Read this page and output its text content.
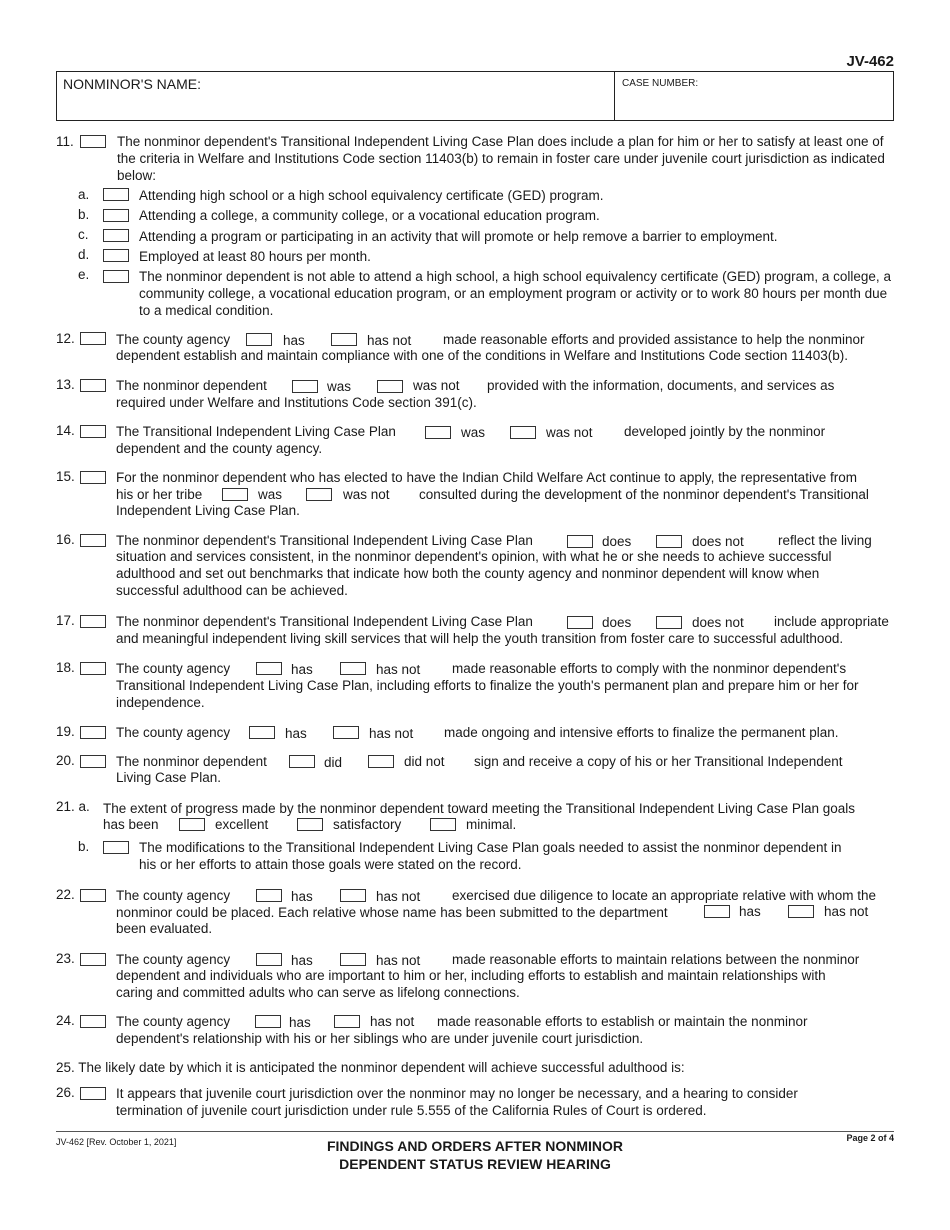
JV-462
NONMINOR'S NAME:	CASE NUMBER:
11.	The nonminor dependent's Transitional Independent Living Case Plan does include a plan for him or her to satisfy at least one of the criteria in Welfare and Institutions Code section 11403(b) to remain in foster care under juvenile court jurisdiction as indicated below:
a.	Attending high school or a high school equivalency certificate (GED) program.
b.	Attending a college, a community college, or a vocational education program.
c.	Attending a program or participating in an activity that will promote or help remove a barrier to employment.
d.	Employed at least 80 hours per month.
e.	The nonminor dependent is not able to attend a high school, a high school equivalency certificate (GED) program, a college, a community college, a vocational education program, or an employment program or activity or to work 80 hours per month due to a medical condition.
12.	The county agency	has	has not made reasonable efforts and provided assistance to help the nonminor
dependent establish and maintain compliance with one of the conditions in Welfare and Institutions Code section 11403(b).
13.	The nonminor dependent	was	was not provided with the information, documents, and services as
required under Welfare and Institutions Code section 391(c).
14.	The Transitional Independent Living Case Plan	was	was not developed jointly by the nonminor
dependent and the county agency.
15.	For the nonminor dependent who has elected to have the Indian Child Welfare Act continue to apply, the representative from
his or her tribe	was	was not consulted during the development of the nonminor dependent's Transitional
Independent Living Case Plan.
16.	The nonminor dependent's Transitional Independent Living Case Plan	does	does not	reflect the living
situation and services consistent, in the nonminor dependent's opinion, with what he or she needs to achieve successful adulthood and set out benchmarks that indicate how both the county agency and nonminor dependent will know when successful adulthood can be achieved.
17.	The nonminor dependent's Transitional Independent Living Case Plan	does	does not include appropriate
and meaningful independent living skill services that will help the youth transition from foster care to successful adulthood.
18.	The county agency	has	has not made reasonable efforts to comply with the nonminor dependent's
Transitional Independent Living Case Plan, including efforts to finalize the youth's permanent plan and prepare him or her for independence.
19.	The county agency	has	has not made ongoing and intensive efforts to finalize the permanent plan.
20.	The nonminor dependent	did	did not sign and receive a copy of his or her Transitional Independent
Living Case Plan.
21. a. The extent of progress made by the nonminor dependent toward meeting the Transitional Independent Living Case Plan goals
has been	excellent	satisfactory	minimal.
b.	The modifications to the Transitional Independent Living Case Plan goals needed to assist the nonminor dependent in his or her efforts to attain those goals were stated on the record.
22.	The county agency	has	has not exercised due diligence to locate an appropriate relative with whom the
nonminor could be placed. Each relative whose name has been submitted to the department	has	has not
been evaluated.
23.	The county agency	has	has not made reasonable efforts to maintain relations between the nonminor
dependent and individuals who are important to him or her, including efforts to establish and maintain relationships with caring and committed adults who can serve as lifelong connections.
24.	The county agency	has	has not made reasonable efforts to establish or maintain the nonminor
dependent's relationship with his or her siblings who are under juvenile court jurisdiction.
25. The likely date by which it is anticipated the nonminor dependent will achieve successful adulthood is:
26.	It appears that juvenile court jurisdiction over the nonminor may no longer be necessary, and a hearing to consider termination of juvenile court jurisdiction under rule 5.555 of the California Rules of Court is ordered.
JV-462 [Rev. October 1, 2021]	FINDINGS AND ORDERS AFTER NONMINOR
DEPENDENT STATUS REVIEW HEARING
Page 2 of 4
